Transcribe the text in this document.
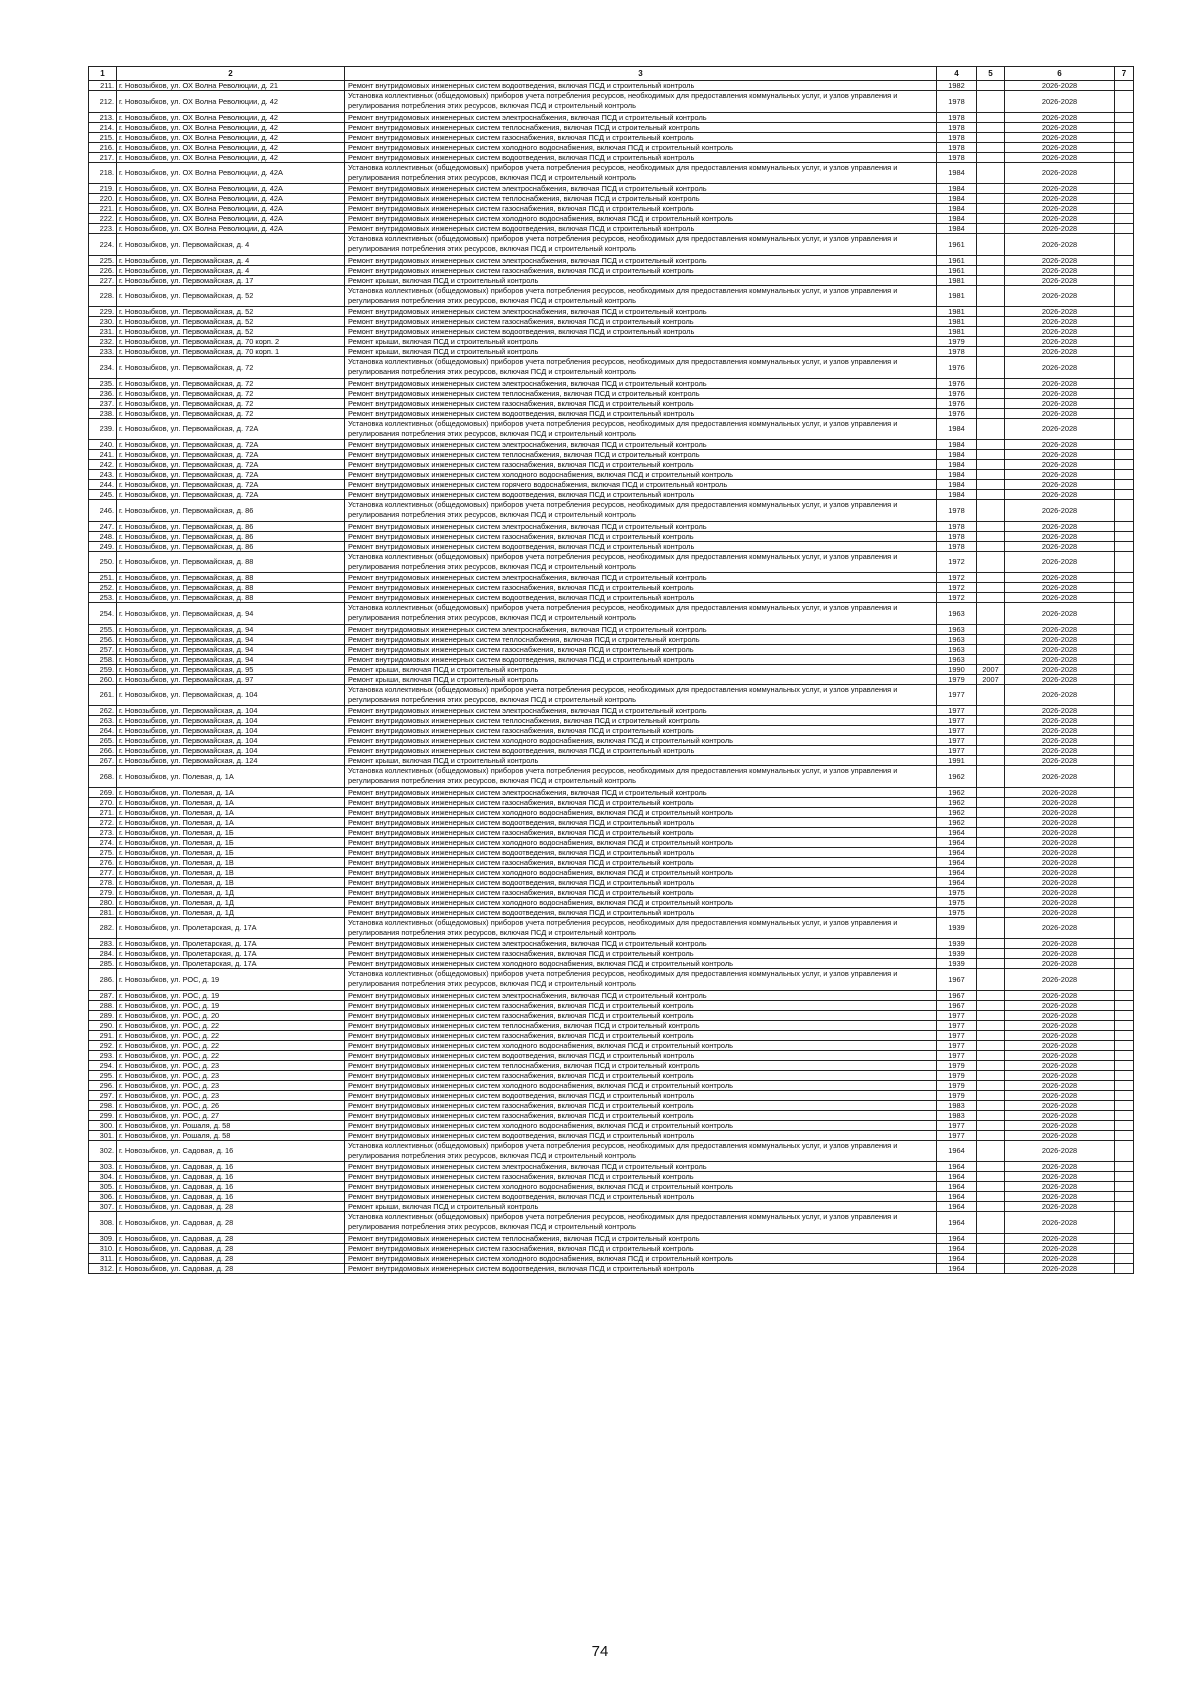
1	2	3	4	5	6	7
211.	г. Новозыбков, ул. ОХ Волна Революции, д. 21	Ремонт внутридомовых инженерных систем водоотведения, включая ПСД и строительный контроль	1982		2026-2028	
212.	г. Новозыбков, ул. ОХ Волна Революции, д. 42	Установка коллективных (общедомовых) приборов учета потребления ресурсов, необходимых для предоставления коммунальных услуг, и узлов управления и регулирования потребления этих ресурсов, включая ПСД и строительный контроль	1978		2026-2028	
213.	г. Новозыбков, ул. ОХ Волна Революции, д. 42	Ремонт внутридомовых инженерных систем электроснабжения, включая ПСД и строительный контроль	1978		2026-2028	
214.	г. Новозыбков, ул. ОХ Волна Революции, д. 42	Ремонт внутридомовых инженерных систем теплоснабжения, включая ПСД и строительный контроль	1978		2026-2028	
215.	г. Новозыбков, ул. ОХ Волна Революции, д. 42	Ремонт внутридомовых инженерных систем газоснабжения, включая ПСД и строительный контроль	1978		2026-2028	
216.	г. Новозыбков, ул. ОХ Волна Революции, д. 42	Ремонт внутридомовых инженерных систем холодного водоснабжения, включая ПСД и строительный контроль	1978		2026-2028	
217.	г. Новозыбков, ул. ОХ Волна Революции, д. 42	Ремонт внутридомовых инженерных систем водоотведения, включая ПСД и строительный контроль	1978		2026-2028	
218.	г. Новозыбков, ул. ОХ Волна Революции, д. 42А	Установка коллективных (общедомовых) приборов учета потребления ресурсов, необходимых для предоставления коммунальных услуг, и узлов управления и регулирования потребления этих ресурсов, включая ПСД и строительный контроль	1984		2026-2028	
219.	г. Новозыбков, ул. ОХ Волна Революции, д. 42А	Ремонт внутридомовых инженерных систем электроснабжения, включая ПСД и строительный контроль	1984		2026-2028	
220.	г. Новозыбков, ул. ОХ Волна Революции, д. 42А	Ремонт внутридомовых инженерных систем теплоснабжения, включая ПСД и строительный контроль	1984		2026-2028	
221.	г. Новозыбков, ул. ОХ Волна Революции, д. 42А	Ремонт внутридомовых инженерных систем газоснабжения, включая ПСД и строительный контроль	1984		2026-2028	
222.	г. Новозыбков, ул. ОХ Волна Революции, д. 42А	Ремонт внутридомовых инженерных систем холодного водоснабжения, включая ПСД и строительный контроль	1984		2026-2028	
223.	г. Новозыбков, ул. ОХ Волна Революции, д. 42А	Ремонт внутридомовых инженерных систем водоотведения, включая ПСД и строительный контроль	1984		2026-2028	
224.	г. Новозыбков, ул. Первомайская, д. 4	Установка коллективных (общедомовых) приборов учета потребления ресурсов, необходимых для предоставления коммунальных услуг, и узлов управления и регулирования потребления этих ресурсов, включая ПСД и строительный контроль	1961		2026-2028	
225.	г. Новозыбков, ул. Первомайская, д. 4	Ремонт внутридомовых инженерных систем электроснабжения, включая ПСД и строительный контроль	1961		2026-2028	
226.	г. Новозыбков, ул. Первомайская, д. 4	Ремонт внутридомовых инженерных систем газоснабжения, включая ПСД и строительный контроль	1961		2026-2028	
227.	г. Новозыбков, ул. Первомайская, д. 17	Ремонт крыши, включая ПСД и строительный контроль	1981		2026-2028	
228.	г. Новозыбков, ул. Первомайская, д. 52	Установка коллективных (общедомовых) приборов учета потребления ресурсов, необходимых для предоставления коммунальных услуг, и узлов управления и регулирования потребления этих ресурсов, включая ПСД и строительный контроль	1981		2026-2028	
229.	г. Новозыбков, ул. Первомайская, д. 52	Ремонт внутридомовых инженерных систем электроснабжения, включая ПСД и строительный контроль	1981		2026-2028	
230.	г. Новозыбков, ул. Первомайская, д. 52	Ремонт внутридомовых инженерных систем газоснабжения, включая ПСД и строительный контроль	1981		2026-2028	
231.	г. Новозыбков, ул. Первомайская, д. 52	Ремонт внутридомовых инженерных систем водоотведения, включая ПСД и строительный контроль	1981		2026-2028	
232.	г. Новозыбков, ул. Первомайская, д. 70 корп. 2	Ремонт крыши, включая ПСД и строительный контроль	1979		2026-2028	
233.	г. Новозыбков, ул. Первомайская, д. 70 корп. 1	Ремонт крыши, включая ПСД и строительный контроль	1978		2026-2028	
234.	г. Новозыбков, ул. Первомайская, д. 72	Установка коллективных (общедомовых) приборов учета потребления ресурсов, необходимых для предоставления коммунальных услуг, и узлов управления и регулирования потребления этих ресурсов, включая ПСД и строительный контроль	1976		2026-2028	
235.	г. Новозыбков, ул. Первомайская, д. 72	Ремонт внутридомовых инженерных систем электроснабжения, включая ПСД и строительный контроль	1976		2026-2028	
236.	г. Новозыбков, ул. Первомайская, д. 72	Ремонт внутридомовых инженерных систем теплоснабжения, включая ПСД и строительный контроль	1976		2026-2028	
237.	г. Новозыбков, ул. Первомайская, д. 72	Ремонт внутридомовых инженерных систем газоснабжения, включая ПСД и строительный контроль	1976		2026-2028	
238.	г. Новозыбков, ул. Первомайская, д. 72	Ремонт внутридомовых инженерных систем водоотведения, включая ПСД и строительный контроль	1976		2026-2028	
239.	г. Новозыбков, ул. Первомайская, д. 72А	Установка коллективных (общедомовых) приборов учета потребления ресурсов, необходимых для предоставления коммунальных услуг, и узлов управления и регулирования потребления этих ресурсов, включая ПСД и строительный контроль	1984		2026-2028	
240.	г. Новозыбков, ул. Первомайская, д. 72А	Ремонт внутридомовых инженерных систем электроснабжения, включая ПСД и строительный контроль	1984		2026-2028	
241.	г. Новозыбков, ул. Первомайская, д. 72А	Ремонт внутридомовых инженерных систем теплоснабжения, включая ПСД и строительный контроль	1984		2026-2028	
242.	г. Новозыбков, ул. Первомайская, д. 72А	Ремонт внутридомовых инженерных систем газоснабжения, включая ПСД и строительный контроль	1984		2026-2028	
243.	г. Новозыбков, ул. Первомайская, д. 72А	Ремонт внутридомовых инженерных систем холодного водоснабжения, включая ПСД и строительный контроль	1984		2026-2028	
244.	г. Новозыбков, ул. Первомайская, д. 72А	Ремонт внутридомовых инженерных систем горячего водоснабжения, включая ПСД и строительный контроль	1984		2026-2028	
245.	г. Новозыбков, ул. Первомайская, д. 72А	Ремонт внутридомовых инженерных систем водоотведения, включая ПСД и строительный контроль	1984		2026-2028	
246.	г. Новозыбков, ул. Первомайская, д. 86	Установка коллективных (общедомовых) приборов учета потребления ресурсов, необходимых для предоставления коммунальных услуг, и узлов управления и регулирования потребления этих ресурсов, включая ПСД и строительный контроль	1978		2026-2028	
247.	г. Новозыбков, ул. Первомайская, д. 86	Ремонт внутридомовых инженерных систем электроснабжения, включая ПСД и строительный контроль	1978		2026-2028	
248.	г. Новозыбков, ул. Первомайская, д. 86	Ремонт внутридомовых инженерных систем газоснабжения, включая ПСД и строительный контроль	1978		2026-2028	
249.	г. Новозыбков, ул. Первомайская, д. 86	Ремонт внутридомовых инженерных систем водоотведения, включая ПСД и строительный контроль	1978		2026-2028	
250.	г. Новозыбков, ул. Первомайская, д. 88	Установка коллективных (общедомовых) приборов учета потребления ресурсов, необходимых для предоставления коммунальных услуг, и узлов управления и регулирования потребления этих ресурсов, включая ПСД и строительный контроль	1972		2026-2028	
251.	г. Новозыбков, ул. Первомайская, д. 88	Ремонт внутридомовых инженерных систем электроснабжения, включая ПСД и строительный контроль	1972		2026-2028	
252.	г. Новозыбков, ул. Первомайская, д. 88	Ремонт внутридомовых инженерных систем газоснабжения, включая ПСД и строительный контроль	1972		2026-2028	
253.	г. Новозыбков, ул. Первомайская, д. 88	Ремонт внутридомовых инженерных систем водоотведения, включая ПСД и строительный контроль	1972		2026-2028	
254.	г. Новозыбков, ул. Первомайская, д. 94	Установка коллективных (общедомовых) приборов учета потребления ресурсов, необходимых для предоставления коммунальных услуг, и узлов управления и регулирования потребления этих ресурсов, включая ПСД и строительный контроль	1963		2026-2028	
255.	г. Новозыбков, ул. Первомайская, д. 94	Ремонт внутридомовых инженерных систем электроснабжения, включая ПСД и строительный контроль	1963		2026-2028	
256.	г. Новозыбков, ул. Первомайская, д. 94	Ремонт внутридомовых инженерных систем теплоснабжения, включая ПСД и строительный контроль	1963		2026-2028	
257.	г. Новозыбков, ул. Первомайская, д. 94	Ремонт внутридомовых инженерных систем газоснабжения, включая ПСД и строительный контроль	1963		2026-2028	
258.	г. Новозыбков, ул. Первомайская, д. 94	Ремонт внутридомовых инженерных систем водоотведения, включая ПСД и строительный контроль	1963		2026-2028	
259.	г. Новозыбков, ул. Первомайская, д. 95	Ремонт крыши, включая ПСД и строительный контроль	1990	2007	2026-2028	
260.	г. Новозыбков, ул. Первомайская, д. 97	Ремонт крыши, включая ПСД и строительный контроль	1979	2007	2026-2028	
261.	г. Новозыбков, ул. Первомайская, д. 104	Установка коллективных (общедомовых) приборов учета потребления ресурсов, необходимых для предоставления коммунальных услуг, и узлов управления и регулирования потребления этих ресурсов, включая ПСД и строительный контроль	1977		2026-2028	
262.	г. Новозыбков, ул. Первомайская, д. 104	Ремонт внутридомовых инженерных систем электроснабжения, включая ПСД и строительный контроль	1977		2026-2028	
263.	г. Новозыбков, ул. Первомайская, д. 104	Ремонт внутридомовых инженерных систем теплоснабжения, включая ПСД и строительный контроль	1977		2026-2028	
264.	г. Новозыбков, ул. Первомайская, д. 104	Ремонт внутридомовых инженерных систем газоснабжения, включая ПСД и строительный контроль	1977		2026-2028	
265.	г. Новозыбков, ул. Первомайская, д. 104	Ремонт внутридомовых инженерных систем холодного водоснабжения, включая ПСД и строительный контроль	1977		2026-2028	
266.	г. Новозыбков, ул. Первомайская, д. 104	Ремонт внутридомовых инженерных систем водоотведения, включая ПСД и строительный контроль	1977		2026-2028	
267.	г. Новозыбков, ул. Первомайская, д. 124	Ремонт крыши, включая ПСД и строительный контроль	1991		2026-2028	
268.	г. Новозыбков, ул. Полевая, д. 1А	Установка коллективных (общедомовых) приборов учета потребления ресурсов, необходимых для предоставления коммунальных услуг, и узлов управления и регулирования потребления этих ресурсов, включая ПСД и строительный контроль	1962		2026-2028	
269.	г. Новозыбков, ул. Полевая, д. 1А	Ремонт внутридомовых инженерных систем электроснабжения, включая ПСД и строительный контроль	1962		2026-2028	
270.	г. Новозыбков, ул. Полевая, д. 1А	Ремонт внутридомовых инженерных систем газоснабжения, включая ПСД и строительный контроль	1962		2026-2028	
271.	г. Новозыбков, ул. Полевая, д. 1А	Ремонт внутридомовых инженерных систем холодного водоснабжения, включая ПСД и строительный контроль	1962		2026-2028	
272.	г. Новозыбков, ул. Полевая, д. 1А	Ремонт внутридомовых инженерных систем водоотведения, включая ПСД и строительный контроль	1962		2026-2028	
273.	г. Новозыбков, ул. Полевая, д. 1Б	Ремонт внутридомовых инженерных систем газоснабжения, включая ПСД и строительный контроль	1964		2026-2028	
274.	г. Новозыбков, ул. Полевая, д. 1Б	Ремонт внутридомовых инженерных систем холодного водоснабжения, включая ПСД и строительный контроль	1964		2026-2028	
275.	г. Новозыбков, ул. Полевая, д. 1Б	Ремонт внутридомовых инженерных систем водоотведения, включая ПСД и строительный контроль	1964		2026-2028	
276.	г. Новозыбков, ул. Полевая, д. 1В	Ремонт внутридомовых инженерных систем газоснабжения, включая ПСД и строительный контроль	1964		2026-2028	
277.	г. Новозыбков, ул. Полевая, д. 1В	Ремонт внутридомовых инженерных систем холодного водоснабжения, включая ПСД и строительный контроль	1964		2026-2028	
278.	г. Новозыбков, ул. Полевая, д. 1В	Ремонт внутридомовых инженерных систем водоотведения, включая ПСД и строительный контроль	1964		2026-2028	
279.	г. Новозыбков, ул. Полевая, д. 1Д	Ремонт внутридомовых инженерных систем газоснабжения, включая ПСД и строительный контроль	1975		2026-2028	
280.	г. Новозыбков, ул. Полевая, д. 1Д	Ремонт внутридомовых инженерных систем холодного водоснабжения, включая ПСД и строительный контроль	1975		2026-2028	
281.	г. Новозыбков, ул. Полевая, д. 1Д	Ремонт внутридомовых инженерных систем водоотведения, включая ПСД и строительный контроль	1975		2026-2028	
282.	г. Новозыбков, ул. Пролетарская, д. 17А	Установка коллективных (общедомовых) приборов учета потребления ресурсов, необходимых для предоставления коммунальных услуг, и узлов управления и регулирования потребления этих ресурсов, включая ПСД и строительный контроль	1939		2026-2028	
283.	г. Новозыбков, ул. Пролетарская, д. 17А	Ремонт внутридомовых инженерных систем электроснабжения, включая ПСД и строительный контроль	1939		2026-2028	
284.	г. Новозыбков, ул. Пролетарская, д. 17А	Ремонт внутридомовых инженерных систем газоснабжения, включая ПСД и строительный контроль	1939		2026-2028	
285.	г. Новозыбков, ул. Пролетарская, д. 17А	Ремонт внутридомовых инженерных систем холодного водоснабжения, включая ПСД и строительный контроль	1939		2026-2028	
286.	г. Новозыбков, ул. РОС, д. 19	Установка коллективных (общедомовых) приборов учета потребления ресурсов, необходимых для предоставления коммунальных услуг, и узлов управления и регулирования потребления этих ресурсов, включая ПСД и строительный контроль	1967		2026-2028	
287.	г. Новозыбков, ул. РОС, д. 19	Ремонт внутридомовых инженерных систем электроснабжения, включая ПСД и строительный контроль	1967		2026-2028	
288.	г. Новозыбков, ул. РОС, д. 19	Ремонт внутридомовых инженерных систем газоснабжения, включая ПСД и строительный контроль	1967		2026-2028	
289.	г. Новозыбков, ул. РОС, д. 20	Ремонт внутридомовых инженерных систем газоснабжения, включая ПСД и строительный контроль	1977		2026-2028	
290.	г. Новозыбков, ул. РОС, д. 22	Ремонт внутридомовых инженерных систем теплоснабжения, включая ПСД и строительный контроль	1977		2026-2028	
291.	г. Новозыбков, ул. РОС, д. 22	Ремонт внутридомовых инженерных систем газоснабжения, включая ПСД и строительный контроль	1977		2026-2028	
292.	г. Новозыбков, ул. РОС, д. 22	Ремонт внутридомовых инженерных систем холодного водоснабжения, включая ПСД и строительный контроль	1977		2026-2028	
293.	г. Новозыбков, ул. РОС, д. 22	Ремонт внутридомовых инженерных систем водоотведения, включая ПСД и строительный контроль	1977		2026-2028	
294.	г. Новозыбков, ул. РОС, д. 23	Ремонт внутридомовых инженерных систем теплоснабжения, включая ПСД и строительный контроль	1979		2026-2028	
295.	г. Новозыбков, ул. РОС, д. 23	Ремонт внутридомовых инженерных систем газоснабжения, включая ПСД и строительный контроль	1979		2026-2028	
296.	г. Новозыбков, ул. РОС, д. 23	Ремонт внутридомовых инженерных систем холодного водоснабжения, включая ПСД и строительный контроль	1979		2026-2028	
297.	г. Новозыбков, ул. РОС, д. 23	Ремонт внутридомовых инженерных систем водоотведения, включая ПСД и строительный контроль	1979		2026-2028	
298.	г. Новозыбков, ул. РОС, д. 26	Ремонт внутридомовых инженерных систем газоснабжения, включая ПСД и строительный контроль	1983		2026-2028	
299.	г. Новозыбков, ул. РОС, д. 27	Ремонт внутридомовых инженерных систем газоснабжения, включая ПСД и строительный контроль	1983		2026-2028	
300.	г. Новозыбков, ул. Рошаля, д. 58	Ремонт внутридомовых инженерных систем холодного водоснабжения, включая ПСД и строительный контроль	1977		2026-2028	
301.	г. Новозыбков, ул. Рошаля, д. 58	Ремонт внутридомовых инженерных систем водоотведения, включая ПСД и строительный контроль	1977		2026-2028	
302.	г. Новозыбков, ул. Садовая, д. 16	Установка коллективных (общедомовых) приборов учета потребления ресурсов, необходимых для предоставления коммунальных услуг, и узлов управления и регулирования потребления этих ресурсов, включая ПСД и строительный контроль	1964		2026-2028	
303.	г. Новозыбков, ул. Садовая, д. 16	Ремонт внутридомовых инженерных систем электроснабжения, включая ПСД и строительный контроль	1964		2026-2028	
304.	г. Новозыбков, ул. Садовая, д. 16	Ремонт внутридомовых инженерных систем газоснабжения, включая ПСД и строительный контроль	1964		2026-2028	
305.	г. Новозыбков, ул. Садовая, д. 16	Ремонт внутридомовых инженерных систем холодного водоснабжения, включая ПСД и строительный контроль	1964		2026-2028	
306.	г. Новозыбков, ул. Садовая, д. 16	Ремонт внутридомовых инженерных систем водоотведения, включая ПСД и строительный контроль	1964		2026-2028	
307.	г. Новозыбков, ул. Садовая, д. 28	Ремонт крыши, включая ПСД и строительный контроль	1964		2026-2028	
308.	г. Новозыбков, ул. Садовая, д. 28	Установка коллективных (общедомовых) приборов учета потребления ресурсов, необходимых для предоставления коммунальных услуг, и узлов управления и регулирования потребления этих ресурсов, включая ПСД и строительный контроль	1964		2026-2028	
309.	г. Новозыбков, ул. Садовая, д. 28	Ремонт внутридомовых инженерных систем теплоснабжения, включая ПСД и строительный контроль	1964		2026-2028	
310.	г. Новозыбков, ул. Садовая, д. 28	Ремонт внутридомовых инженерных систем газоснабжения, включая ПСД и строительный контроль	1964		2026-2028	
311.	г. Новозыбков, ул. Садовая, д. 28	Ремонт внутридомовых инженерных систем холодного водоснабжения, включая ПСД и строительный контроль	1964		2026-2028	
312.	г. Новозыбков, ул. Садовая, д. 28	Ремонт внутридомовых инженерных систем водоотведения, включая ПСД и строительный контроль	1964		2026-2028	
74
